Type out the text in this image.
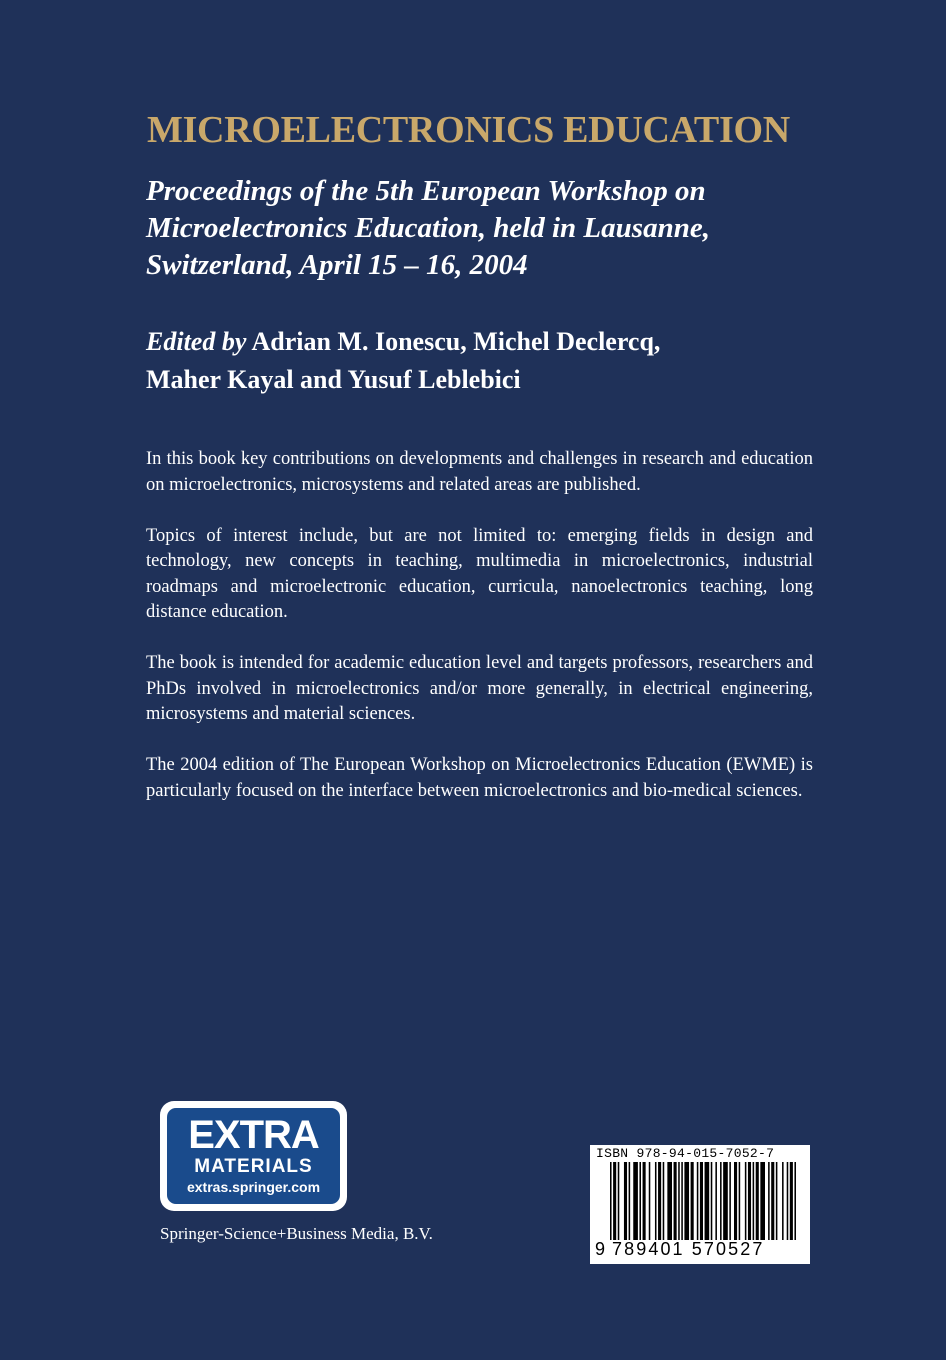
MICROELECTRONICS EDUCATION
Proceedings of the 5th European Workshop on
Microelectronics Education, held in Lausanne,
Switzerland, April 15 – 16, 2004
Edited by Adrian M. Ionescu, Michel Declercq,
Maher Kayal and Yusuf Leblebici

In this book key contributions on developments and challenges in research and education on microelectronics, microsystems and related areas are published.

Topics of interest include, but are not limited to: emerging fields in design and technology, new concepts in teaching, multimedia in microelectronics, industrial roadmaps and microelectronic education, curricula, nanoelectronics teaching, long distance education.

The book is intended for academic education level and targets professors, researchers and PhDs involved in microelectronics and/or more generally, in electrical engineering, microsystems and material sciences.

The 2004 edition of The European Workshop on Microelectronics Education (EWME) is particularly focused on the interface between microelectronics and bio-medical sciences.

EXTRA
MATERIALS
extras.springer.com
Springer-Science+Business Media, B.V.
ISBN 978-94-015-7052-7
9 789401 570527
